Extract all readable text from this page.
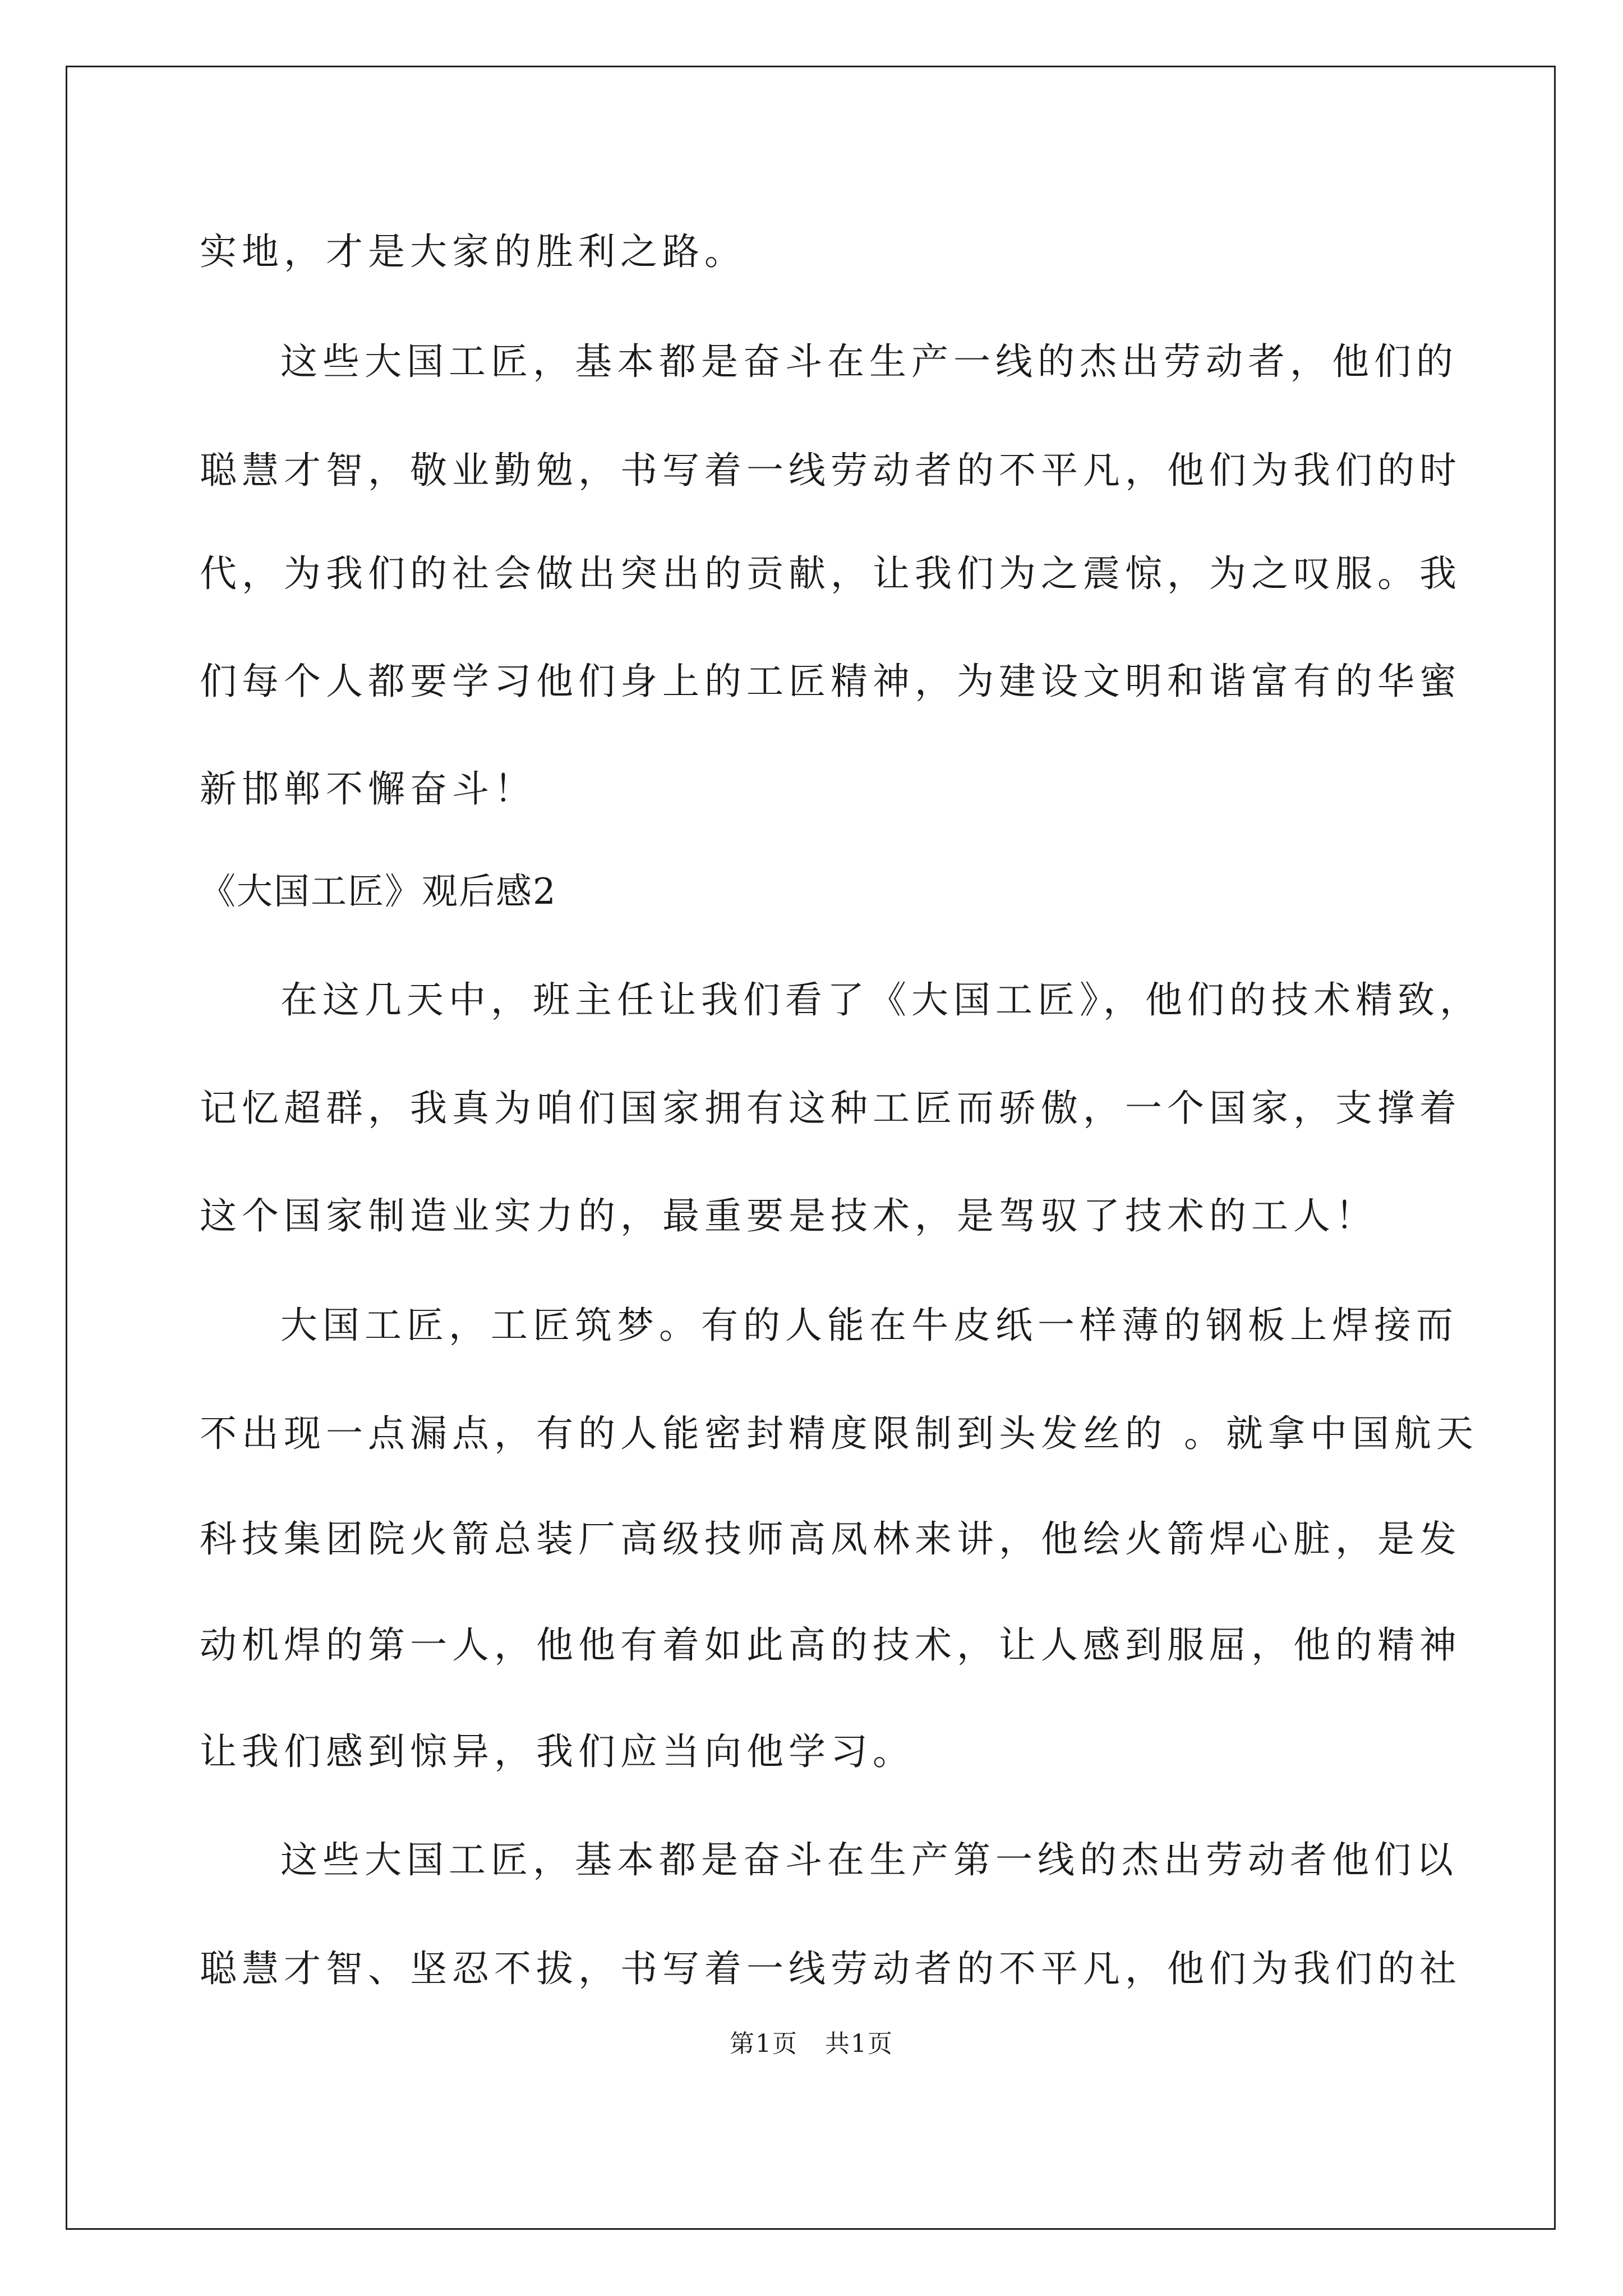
实地，才是大家的胜利之路。
这些大国工匠，基本都是奋斗在生产一线的杰出劳动者，他们的
聪慧才智，敬业勤勉，书写着一线劳动者的不平凡，他们为我们的时
代，为我们的社会做出突出的贡献，让我们为之震惊，为之叹服。我
们每个人都要学习他们身上的工匠精神，为建设文明和谐富有的华蜜
新邯郸不懈奋斗！
《大国工匠》观后感2
在这几天中，班主任让我们看了《大国工匠》，他们的技术精致，
记忆超群，我真为咱们国家拥有这种工匠而骄傲，一个国家，支撑着
这个国家制造业实力的，最重要是技术，是驾驭了技术的工人！
大国工匠，工匠筑梦。有的人能在牛皮纸一样薄的钢板上焊接而
不出现一点漏点，有的人能密封精度限制到头发丝的 。就拿中国航天
科技集团院火箭总装厂高级技师高凤林来讲，他绘火箭焊心脏，是发
动机焊的第一人，他他有着如此高的技术，让人感到服屈，他的精神
让我们感到惊异，我们应当向他学习。
这些大国工匠，基本都是奋斗在生产第一线的杰出劳动者他们以
聪慧才智、坚忍不拔，书写着一线劳动者的不平凡，他们为我们的社
第1页   共1页
